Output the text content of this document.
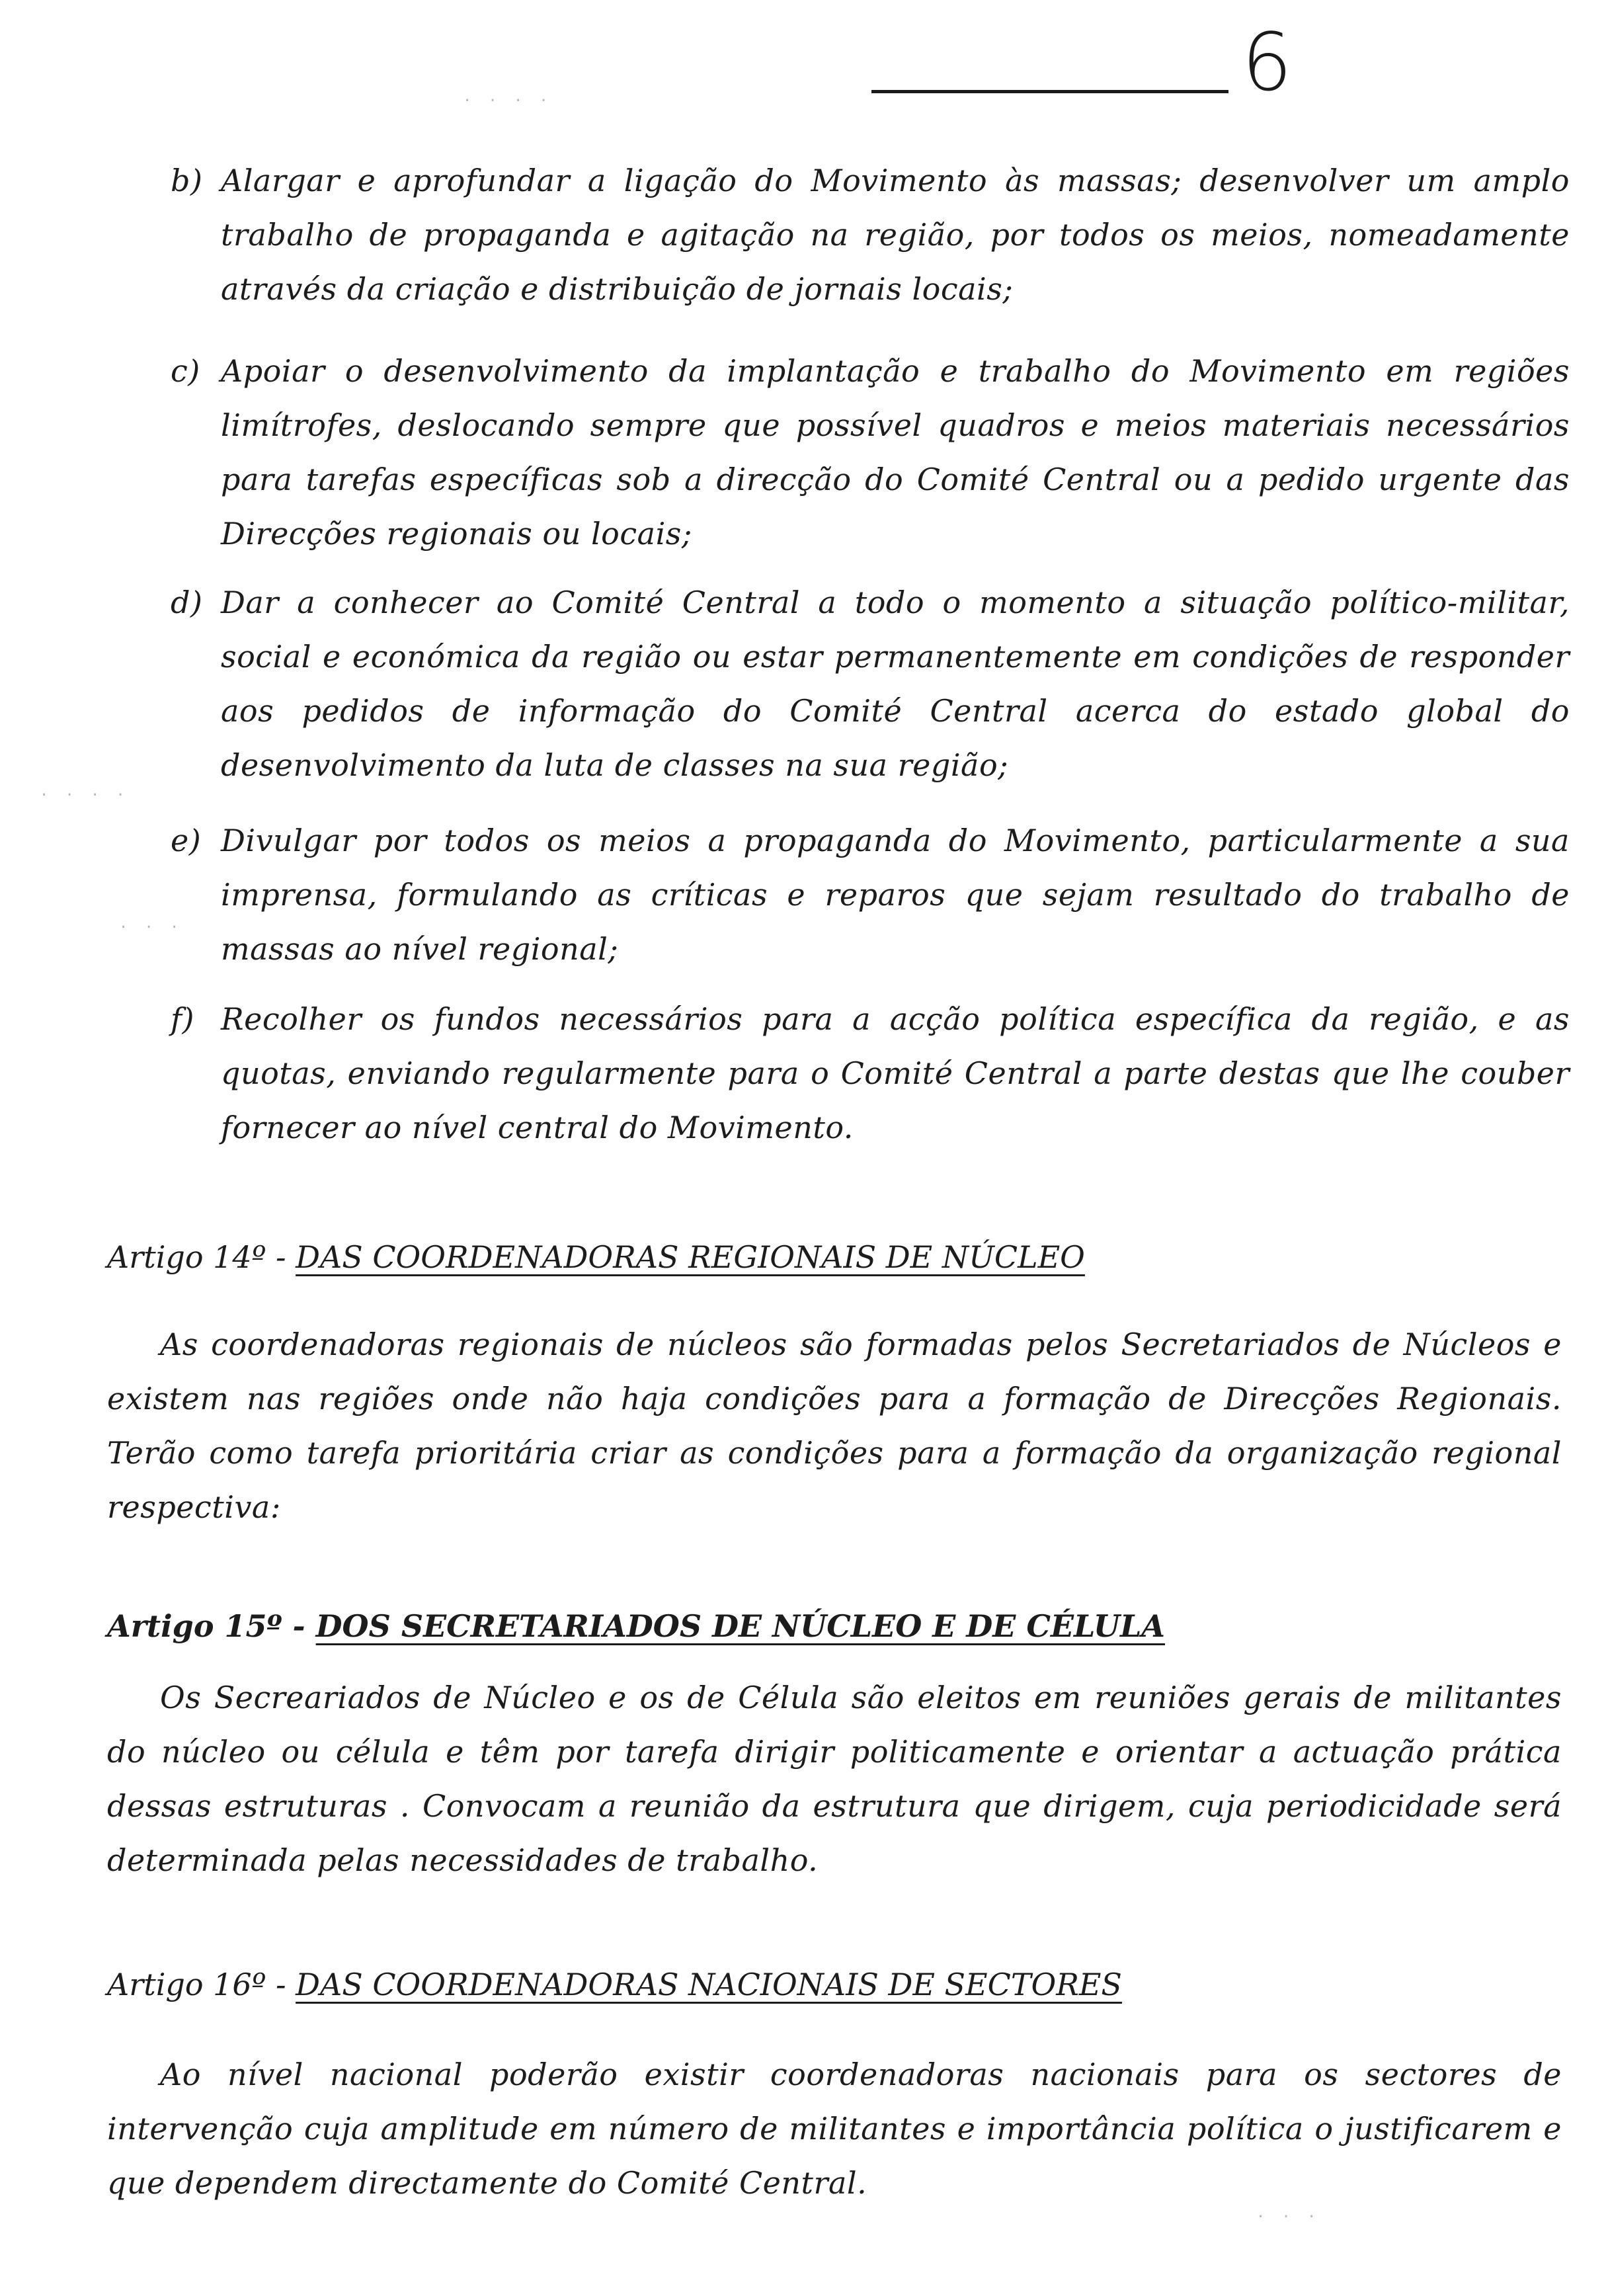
6
b) Alargar e aprofundar a ligação do Movimento às massas; desenvolver um amplo trabalho de propaganda e agitação na região, por todos os meios, nomeadamente através da criação e distribuição de jornais locais;
c) Apoiar o desenvolvimento da implantação e trabalho do Movimento em regiões limítrofes, deslocando sempre que possível quadros e meios materiais necessários para tarefas específicas sob a direcção do Comité Central ou a pedido urgente das Direcções regionais ou locais;
d) Dar a conhecer ao Comité Central a todo o momento a situação político-militar, social e económica da região ou estar permanentemente em condições de responder aos pedidos de informação do Comité Central acerca do estado global do desenvolvimento da luta de classes na sua região;
e) Divulgar por todos os meios a propaganda do Movimento, particularmente a sua imprensa, formulando as críticas e reparos que sejam resultado do trabalho de massas ao nível regional;
f) Recolher os fundos necessários para a acção política específica da região, e as quotas, enviando regularmente para o Comité Central a parte destas que lhe couber fornecer ao nível central do Movimento.
Artigo 14º - DAS COORDENADORAS REGIONAIS DE NÚCLEO
As coordenadoras regionais de núcleos são formadas pelos Secretariados de Núcleos e existem nas regiões onde não haja condições para a formação de Direcções Regionais. Terão como tarefa prioritária criar as condições para a formação da organização regional respectiva:
Artigo 15º - DOS SECRETARIADOS DE NÚCLEO E DE CÉLULA
Os Secreariados de Núcleo e os de Célula são eleitos em reuniões gerais de militantes do núcleo ou célula e têm por tarefa dirigir politicamente e orientar a actuação prática dessas estruturas . Convocam a reunião da estrutura que dirigem, cuja periodicidade será determinada pelas necessidades de trabalho.
Artigo 16º - DAS COORDENADORAS NACIONAIS DE SECTORES
Ao nível nacional poderão existir coordenadoras nacionais para os sectores de intervenção cuja amplitude em número de militantes e importância política o justificarem e que dependem directamente do Comité Central.
· · · ·
· · ·
· · ·
· · · ·
